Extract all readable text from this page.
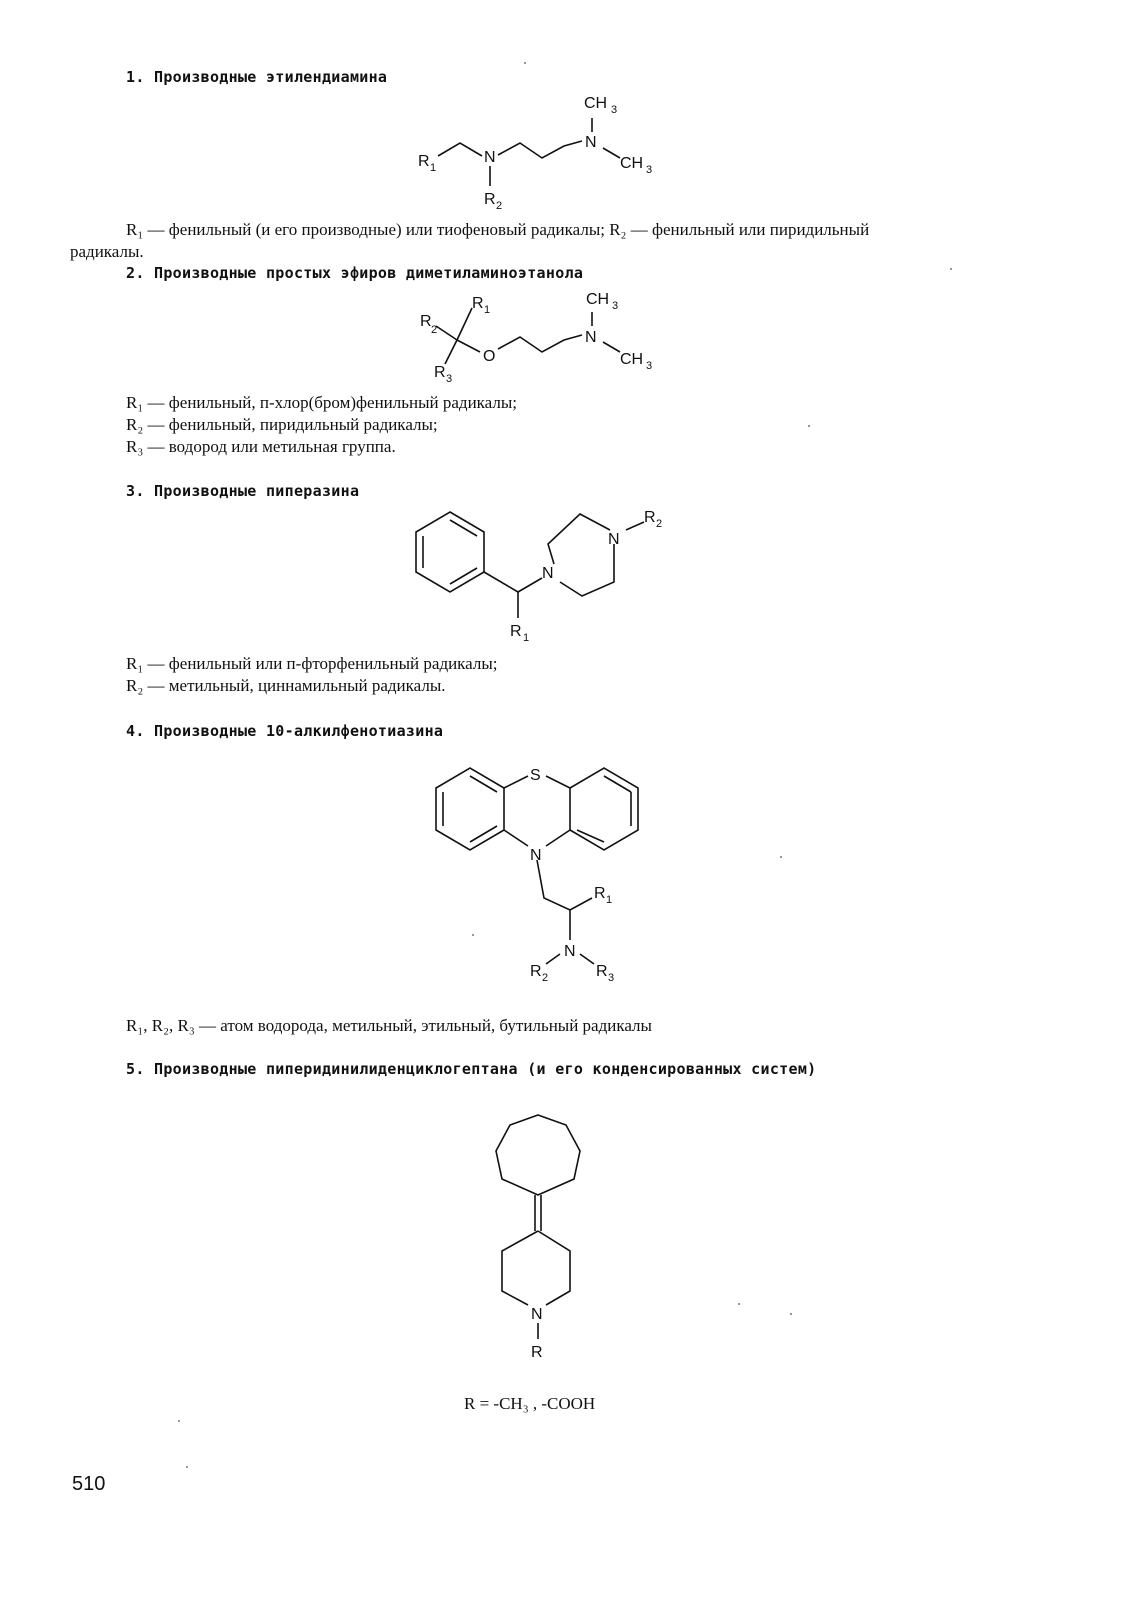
1. Производные этилендиамина
R 1
N
R 2
CH 3
N
CH 3
R₁ — фенильный (и его производные) или тиофеновый радикалы; R₂ — фенильный или пиридильный
радикалы.
2. Производные простых эфиров диметиламиноэтанола
R 2
R 1
R 3
O
CH 3
N
CH 3
R₁ — фенильный, п-хлор(бром)фенильный радикалы;
R₂ — фенильный, пиридильный радикалы;
R₃ — водород или метильная группа.
3. Производные пиперазина
N
R 2
N
R 1
R₁ — фенильный или п-фторфенильный радикалы;
R₂ — метильный, циннамильный радикалы.
4. Производные 10-алкилфенотиазина
S
N
R 1
N
R 2	R 3
R₁, R₂, R₃ — атом водорода, метильный, этильный, бутильный радикалы
5. Производные пиперидинилиденциклогептана (и его конденсированных систем)
N
R
R = -CH₃ , -COOH
510
